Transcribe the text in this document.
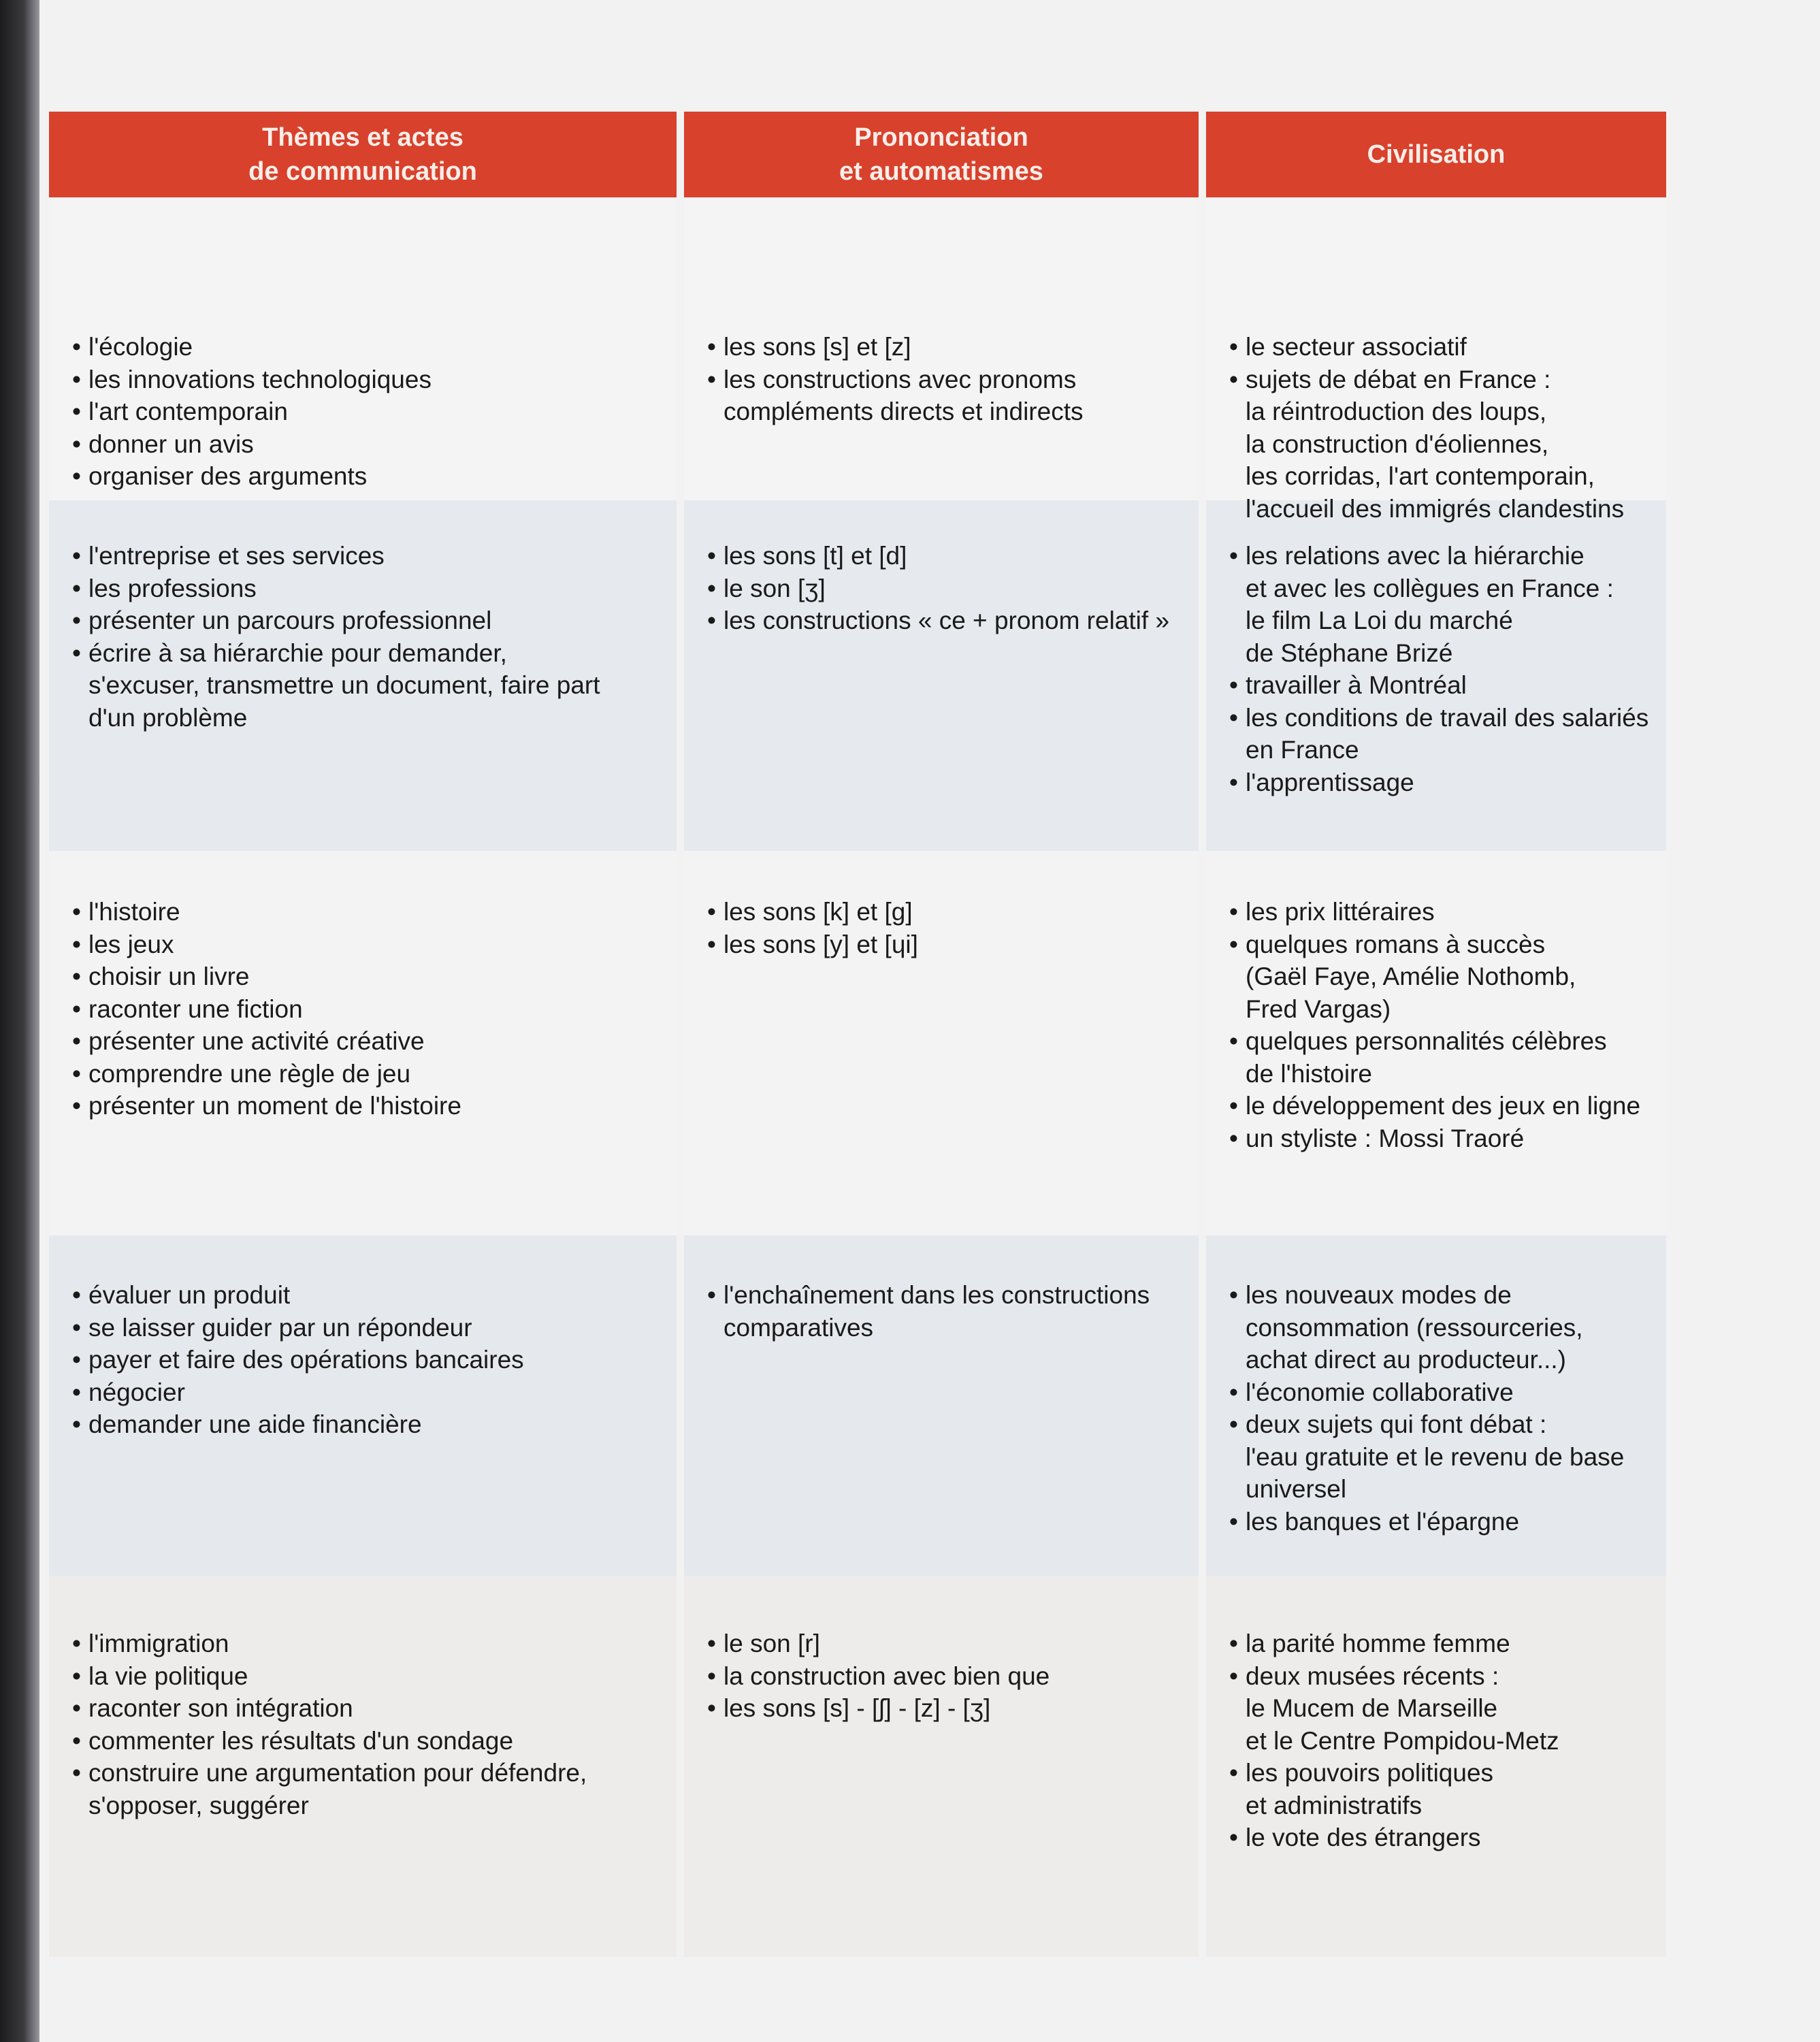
Thèmes et actes
de communication
Prononciation
et automatismes
Civilisation
• l'écologie
• les innovations technologiques
• l'art contemporain
• donner un avis
• organiser des arguments
• les sons [s] et [z]
• les constructions avec pronoms
compléments directs et indirects
• le secteur associatif
• sujets de débat en France :
la réintroduction des loups,
la construction d'éoliennes,
les corridas, l'art contemporain,
l'accueil des immigrés clandestins
• l'entreprise et ses services
• les professions
• présenter un parcours professionnel
• écrire à sa hiérarchie pour demander,
s'excuser, transmettre un document, faire part
d'un problème
• les sons [t] et [d]
• le son [ʒ]
• les constructions « ce + pronom relatif »
• les relations avec la hiérarchie
et avec les collègues en France :
le film La Loi du marché
de Stéphane Brizé
• travailler à Montréal
• les conditions de travail des salariés
en France
• l'apprentissage
• l'histoire
• les jeux
• choisir un livre
• raconter une fiction
• présenter une activité créative
• comprendre une règle de jeu
• présenter un moment de l'histoire
• les sons [k] et [g]
• les sons [y] et [ɥi]
• les prix littéraires
• quelques romans à succès
(Gaël Faye, Amélie Nothomb,
Fred Vargas)
• quelques personnalités célèbres
de l'histoire
• le développement des jeux en ligne
• un styliste : Mossi Traoré
• évaluer un produit
• se laisser guider par un répondeur
• payer et faire des opérations bancaires
• négocier
• demander une aide financière
• l'enchaînement dans les constructions
comparatives
• les nouveaux modes de
consommation (ressourceries,
achat direct au producteur...)
• l'économie collaborative
• deux sujets qui font débat :
l'eau gratuite et le revenu de base
universel
• les banques et l'épargne
• l'immigration
• la vie politique
• raconter son intégration
• commenter les résultats d'un sondage
• construire une argumentation pour défendre,
s'opposer, suggérer
• le son [r]
• la construction avec bien que
• les sons [s] - [ʃ] - [z] - [ʒ]
• la parité homme femme
• deux musées récents :
le Mucem de Marseille
et le Centre Pompidou-Metz
• les pouvoirs politiques
et administratifs
• le vote des étrangers
